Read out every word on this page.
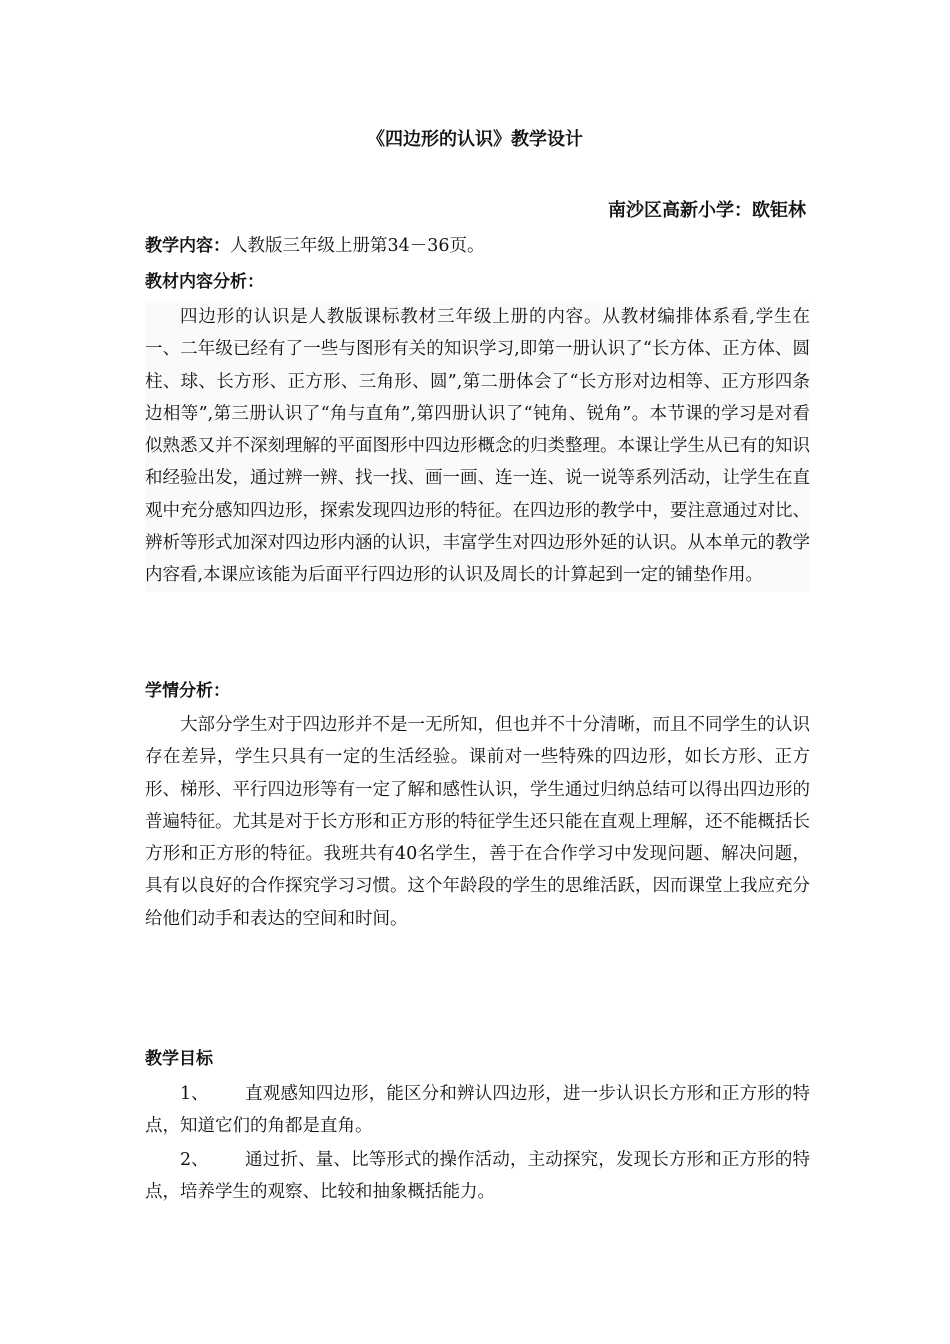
《四边形的认识》教学设计
南沙区高新小学：欧钜林
教学内容：人教版三年级上册第34－36页。
教材内容分析：
四边形的认识是人教版课标教材三年级上册的内容。从教材编排体系看,学生在一、二年级已经有了一些与图形有关的知识学习,即第一册认识了“长方体、正方体、圆柱、球、长方形、正方形、三角形、圆”,第二册体会了“长方形对边相等、正方形四条边相等”,第三册认识了“角与直角”,第四册认识了“钝角、锐角”。本节课的学习是对看似熟悉又并不深刻理解的平面图形中四边形概念的归类整理。本课让学生从已有的知识和经验出发，通过辨一辨、找一找、画一画、连一连、说一说等系列活动，让学生在直观中充分感知四边形，探索发现四边形的特征。在四边形的教学中，要注意通过对比、辨析等形式加深对四边形内涵的认识，丰富学生对四边形外延的认识。从本单元的教学内容看,本课应该能为后面平行四边形的认识及周长的计算起到一定的铺垫作用。
学情分析：
大部分学生对于四边形并不是一无所知，但也并不十分清晰，而且不同学生的认识存在差异，学生只具有一定的生活经验。课前对一些特殊的四边形，如长方形、正方形、梯形、平行四边形等有一定了解和感性认识，学生通过归纳总结可以得出四边形的普遍特征。尤其是对于长方形和正方形的特征学生还只能在直观上理解，还不能概括长方形和正方形的特征。我班共有40名学生，善于在合作学习中发现问题、解决问题，具有以良好的合作探究学习习惯。这个年龄段的学生的思维活跃，因而课堂上我应充分给他们动手和表达的空间和时间。
教学目标
1、 直观感知四边形，能区分和辨认四边形，进一步认识长方形和正方形的特点，知道它们的角都是直角。
2、 通过折、量、比等形式的操作活动，主动探究，发现长方形和正方形的特点，培养学生的观察、比较和抽象概括能力。
